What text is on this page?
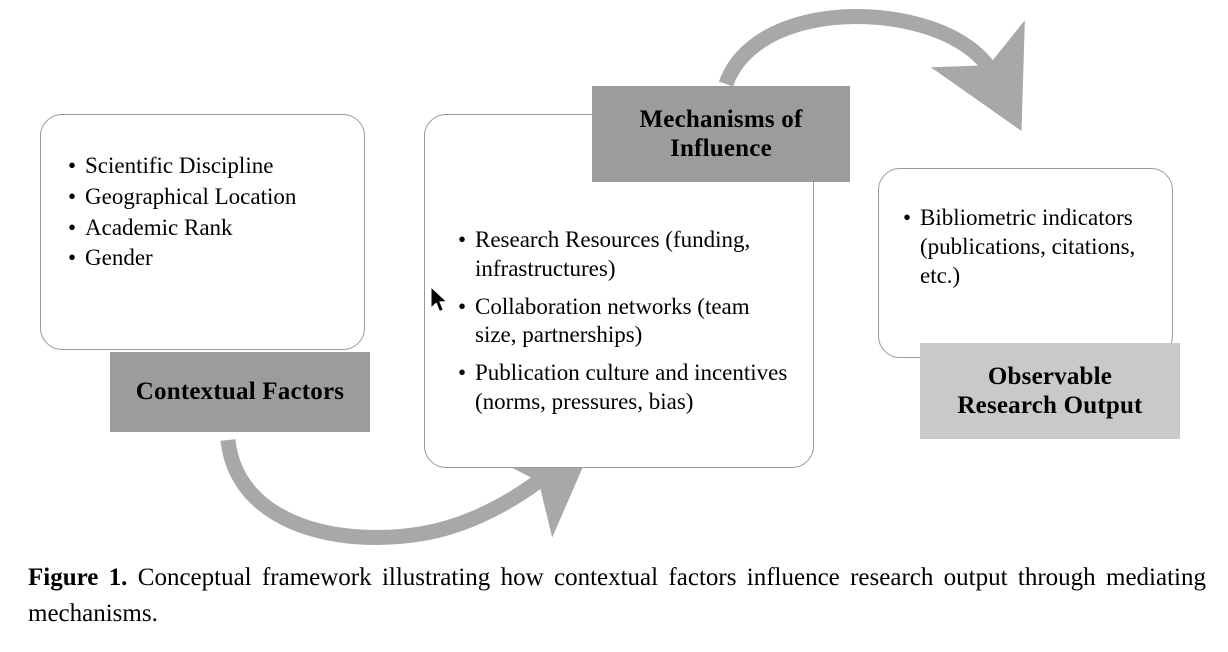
• Scientific Discipline
• Geographical Location
• Academic Rank
• Gender
Contextual Factors
• Research Resources (funding, infrastructures)
• Collaboration networks (team size, partnerships)
• Publication culture and incentives (norms, pressures, bias)
Mechanisms of
Influence
• Bibliometric indicators (publications, citations, etc.)
Observable
Research Output
Figure 1. Conceptual framework illustrating how contextual factors influence research output through mediating mechanisms.
